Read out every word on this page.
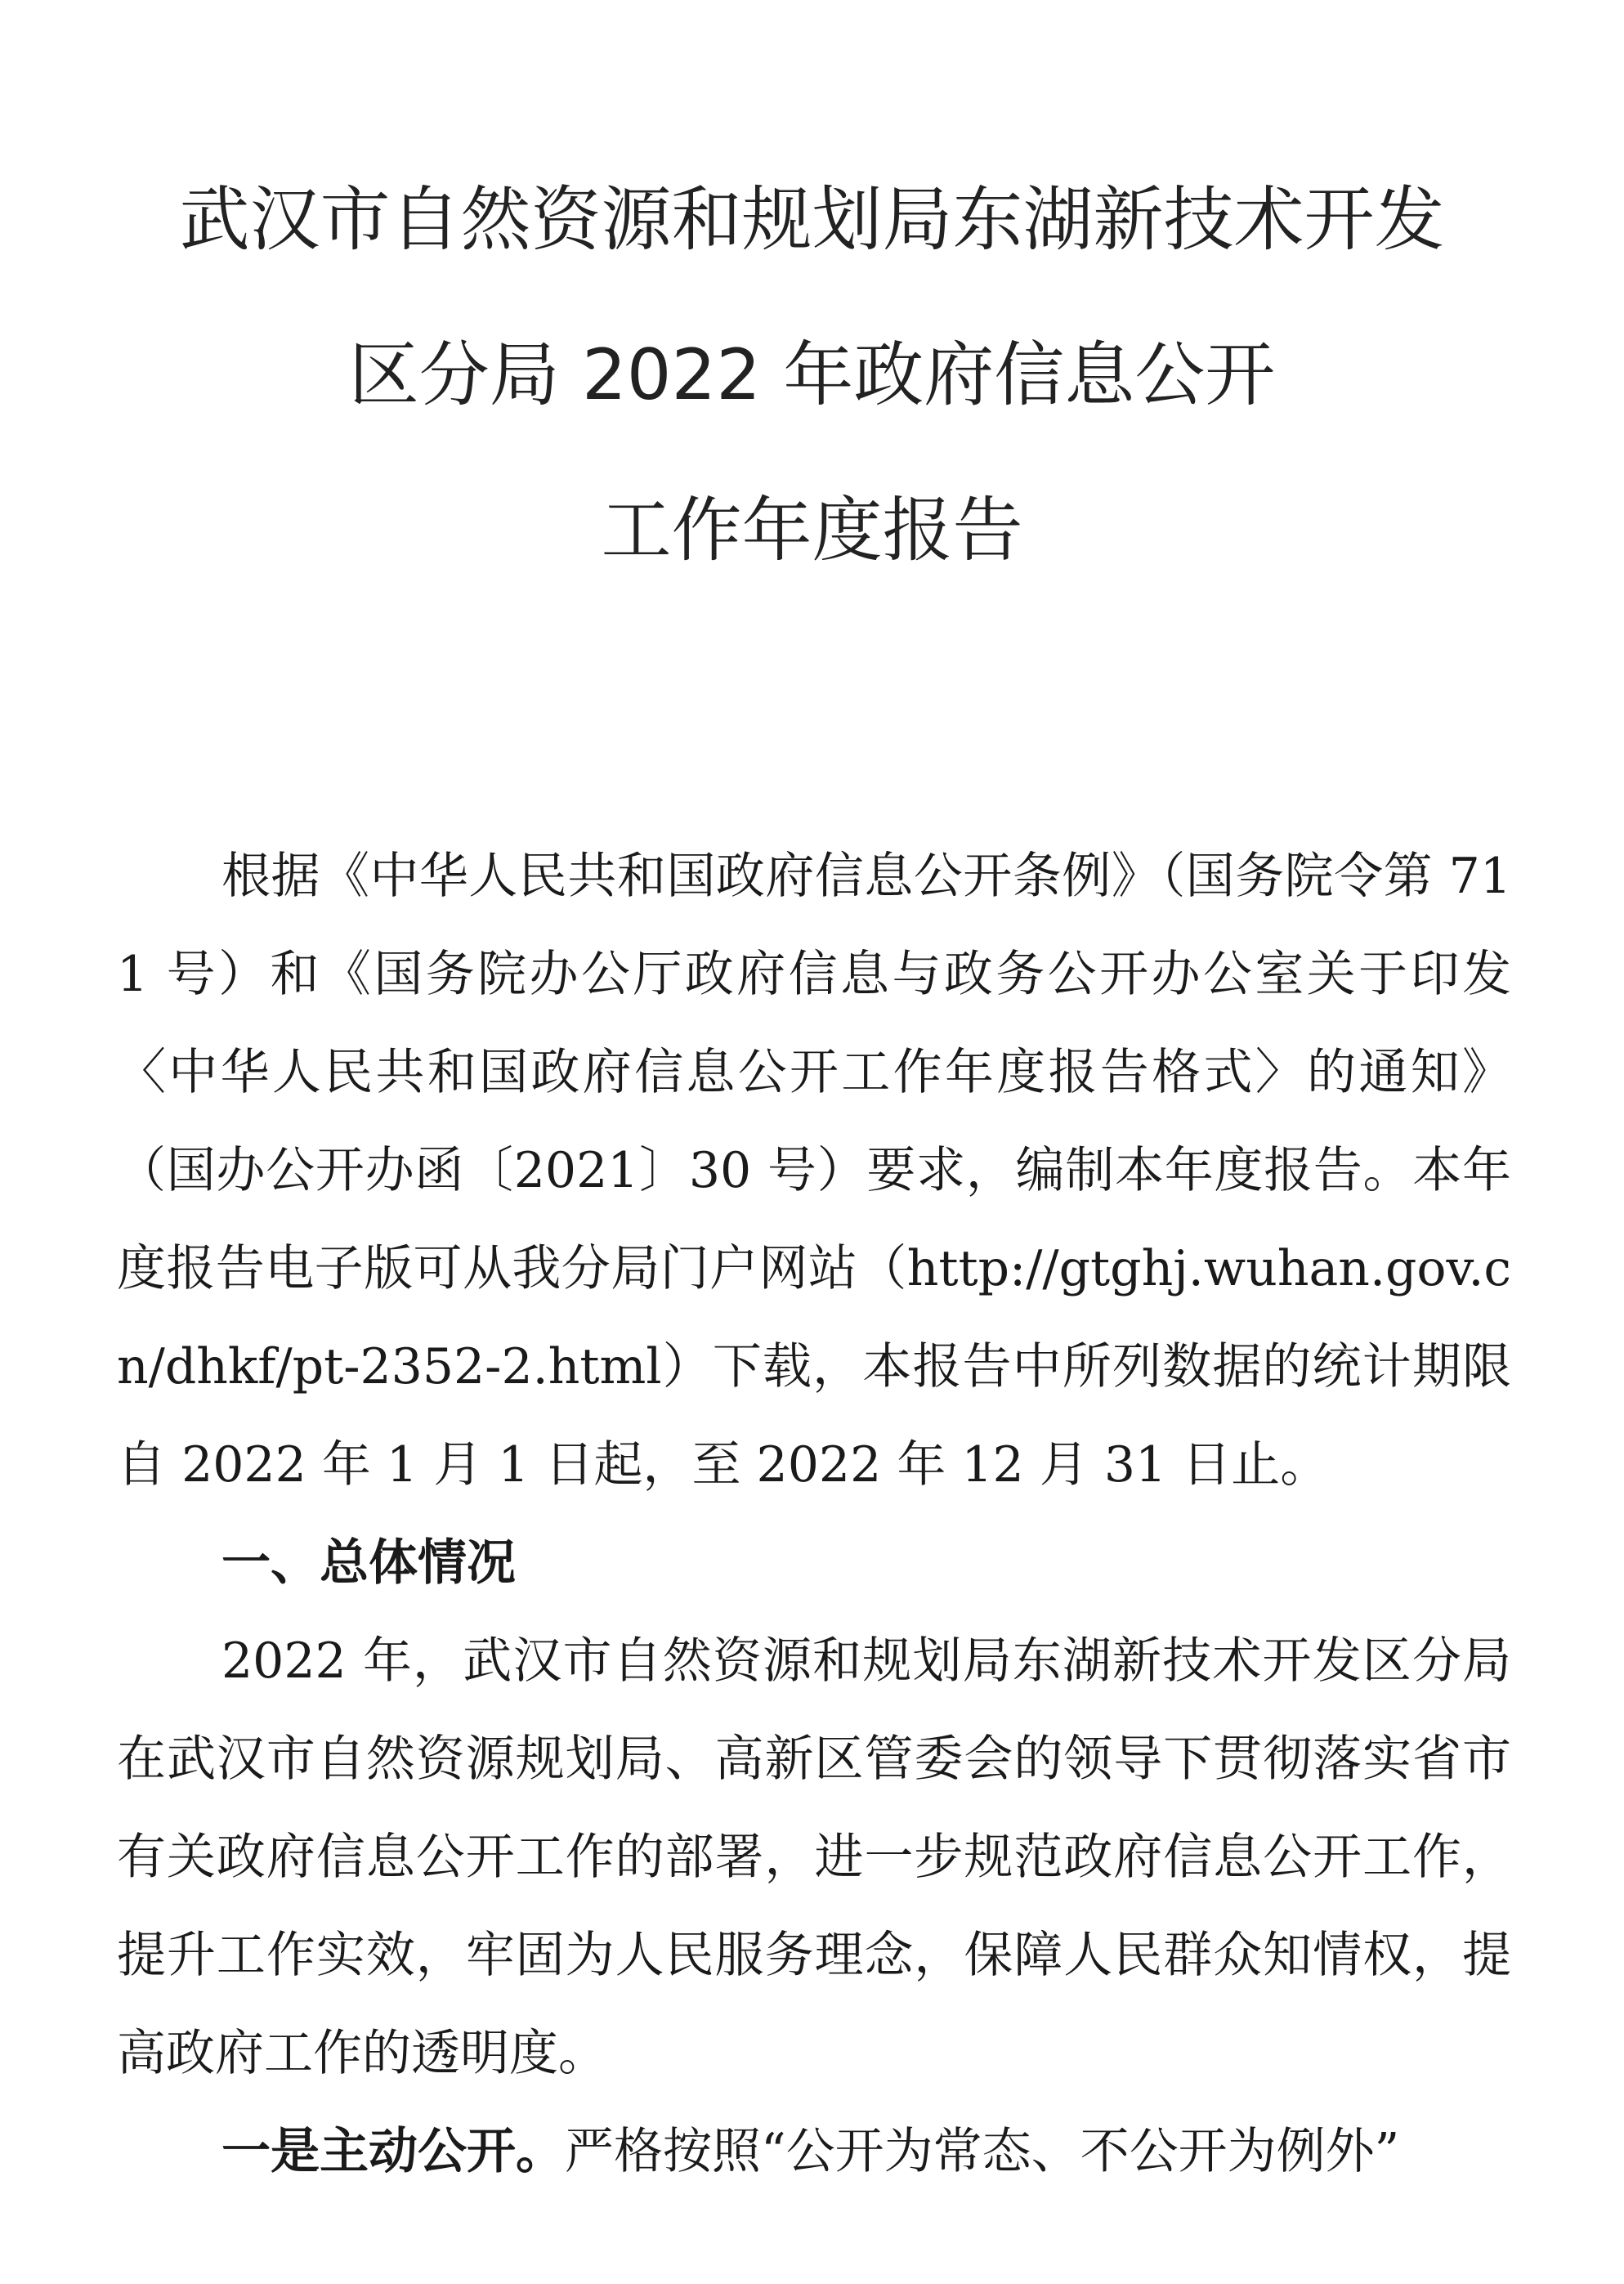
武汉市自然资源和规划局东湖新技术开发
区分局 2022 年政府信息公开
工作年度报告

根据《中华人民共和国政府信息公开条例》（国务院令第 711 号）和《国务院办公厅政府信息与政务公开办公室关于印发〈中华人民共和国政府信息公开工作年度报告格式〉的通知》（国办公开办函〔2021〕30 号）要求，编制本年度报告。本年度报告电子版可从我分局门户网站（http://gtghj.wuhan.gov.cn/dhkf/pt-2352-2.html）下载，本报告中所列数据的统计期限自 2022 年 1 月 1 日起，至 2022 年 12 月 31 日止。

一、总体情况

2022 年，武汉市自然资源和规划局东湖新技术开发区分局在武汉市自然资源规划局、高新区管委会的领导下贯彻落实省市有关政府信息公开工作的部署，进一步规范政府信息公开工作，提升工作实效，牢固为人民服务理念，保障人民群众知情权，提高政府工作的透明度。

一是主动公开。严格按照“公开为常态、不公开为例外”
